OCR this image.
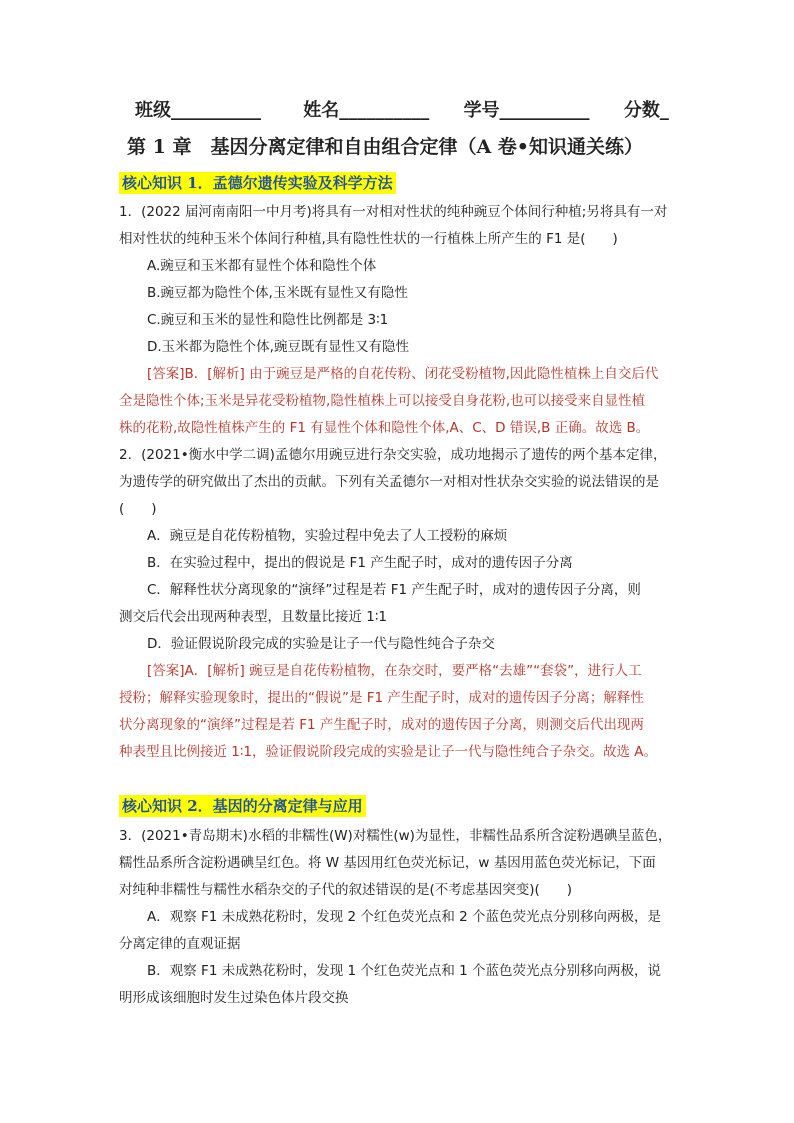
班级__________ 姓名__________ 学号__________ 分数_
第 1 章　基因分离定律和自由组合定律（A 卷•知识通关练）
核心知识 1．孟德尔遗传实验及科学方法
1．(2022 届河南南阳一中月考)将具有一对相对性状的纯种豌豆个体间行种植;另将具有一对
相对性状的纯种玉米个体间行种植,具有隐性性状的一行植株上所产生的 F1 是(　　)
A.豌豆和玉米都有显性个体和隐性个体
B.豌豆都为隐性个体,玉米既有显性又有隐性
C.豌豆和玉米的显性和隐性比例都是 3∶1
D.玉米都为隐性个体,豌豆既有显性又有隐性
[答案]B．[解析] 由于豌豆是严格的自花传粉、闭花受粉植物,因此隐性植株上自交后代
全是隐性个体;玉米是异花受粉植物,隐性植株上可以接受自身花粉,也可以接受来自显性植
株的花粉,故隐性植株产生的 F1 有显性个体和隐性个体,A、C、D 错误,B 正确。故选 B。
2．(2021•衡水中学二调)孟德尔用豌豆进行杂交实验，成功地揭示了遗传的两个基本定律，
为遗传学的研究做出了杰出的贡献。下列有关孟德尔一对相对性状杂交实验的说法错误的是
(　　)
A．豌豆是自花传粉植物，实验过程中免去了人工授粉的麻烦
B．在实验过程中，提出的假说是 F1 产生配子时，成对的遗传因子分离
C．解释性状分离现象的“演绎”过程是若 F1 产生配子时，成对的遗传因子分离，则
测交后代会出现两种表型，且数量比接近 1∶1
D．验证假说阶段完成的实验是让子一代与隐性纯合子杂交
[答案]A．[解析] 豌豆是自花传粉植物，在杂交时，要严格“去雄”“套袋”，进行人工
授粉；解释实验现象时，提出的“假说”是 F1 产生配子时，成对的遗传因子分离；解释性
状分离现象的“演绎”过程是若 F1 产生配子时，成对的遗传因子分离，则测交后代出现两
种表型且比例接近 1∶1，验证假说阶段完成的实验是让子一代与隐性纯合子杂交。故选 A。
核心知识 2．基因的分离定律与应用
3．(2021•青岛期末)水稻的非糯性(W)对糯性(w)为显性，非糯性品系所含淀粉遇碘呈蓝色，
糯性品系所含淀粉遇碘呈红色。将 W 基因用红色荧光标记，w 基因用蓝色荧光标记，下面
对纯种非糯性与糯性水稻杂交的子代的叙述错误的是(不考虑基因突变)(　　)
A．观察 F1 未成熟花粉时，发现 2 个红色荧光点和 2 个蓝色荧光点分别移向两极，是
分离定律的直观证据
B．观察 F1 未成熟花粉时，发现 1 个红色荧光点和 1 个蓝色荧光点分别移向两极，说
明形成该细胞时发生过染色体片段交换
